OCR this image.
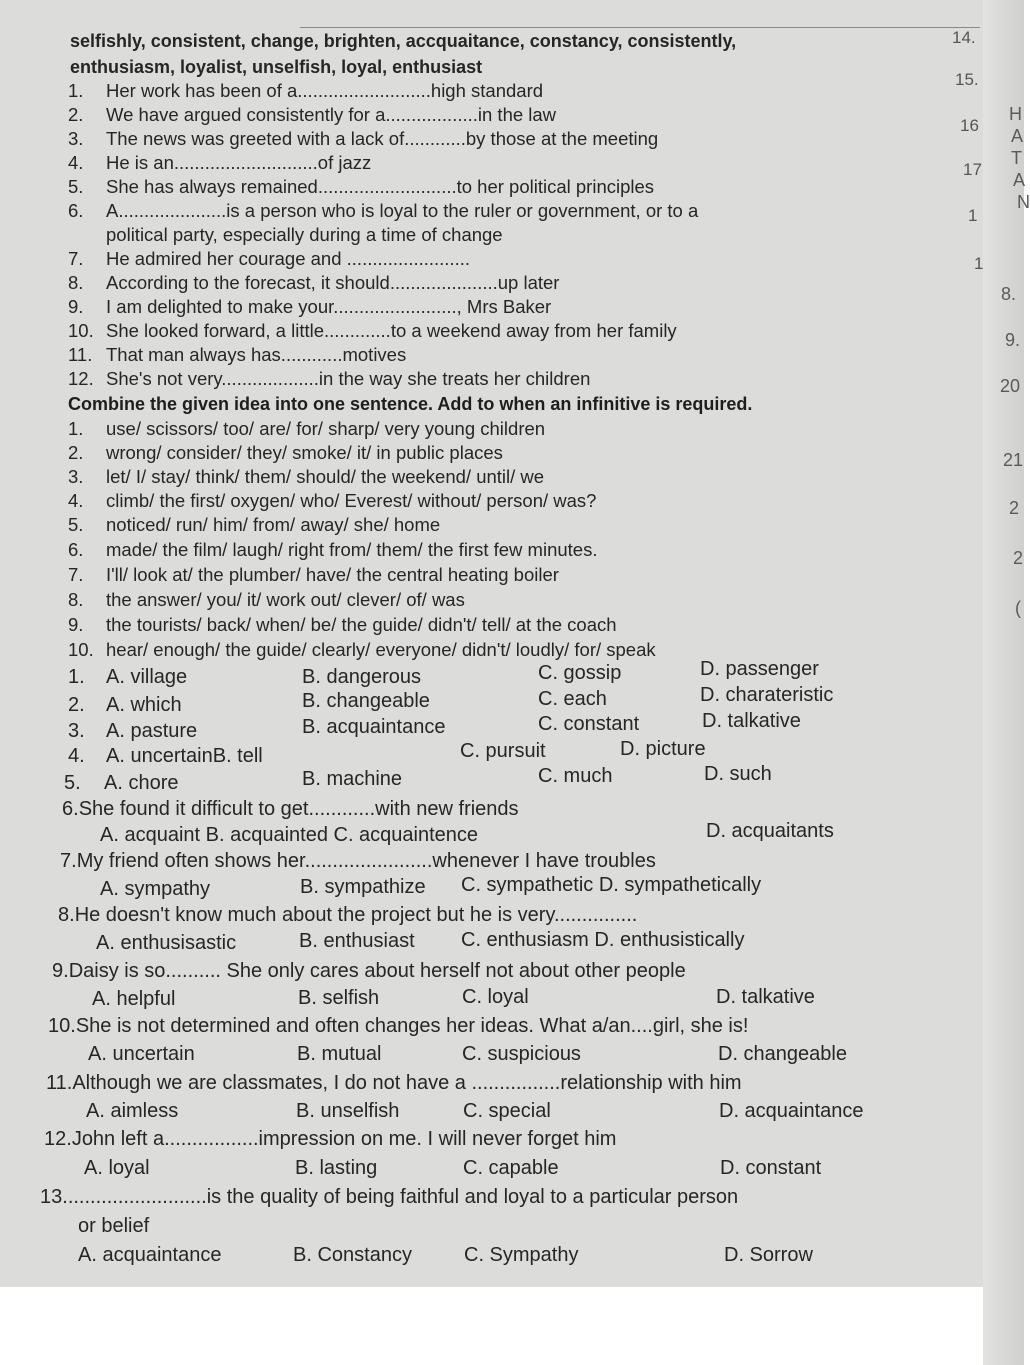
selfishly, consistent, change, brighten, accquaitance, constancy, consistently,
enthusiasm, loyalist, unselfish, loyal, enthusiast
1. Her work has been of a..........................high standard
2. We have argued consistently for a..................in the law
3. The news was greeted with a lack of............by those at the meeting
4. He is an............................of jazz
5. She has always remained...........................to her political principles
6. A.....................is a person who is loyal to the ruler or government, or to a
political party, especially during a time of change
7. He admired her courage and ........................
8. According to the forecast, it should.....................up later
9. I am delighted to make your........................, Mrs Baker
10. She looked forward, a little.............to a weekend away from her family
11. That man always has............motives
12. She's not very...................in the way she treats her children
Combine the given idea into one sentence. Add to when an infinitive is required.
1. use/ scissors/ too/ are/ for/ sharp/ very young children
2. wrong/ consider/ they/ smoke/ it/ in public places
3. let/ I/ stay/ think/ them/ should/ the weekend/ until/ we
4. climb/ the first/ oxygen/ who/ Everest/ without/ person/ was?
5. noticed/ run/ him/ from/ away/ she/ home
6. made/ the film/ laugh/ right from/ them/ the first few minutes.
7. I'll/ look at/ the plumber/ have/ the central heating boiler
8. the answer/ you/ it/ work out/ clever/ of/ was
9. the tourists/ back/ when/ be/ the guide/ didn't/ tell/ at the coach
10. hear/ enough/ the guide/ clearly/ everyone/ didn't/ loudly/ for/ speak
1. A. village	B. dangerous	C. gossip	D. passenger
2. A. which	B. changeable	C. each	D. charateristic
3. A. pasture	B. acquaintance	C. constant	D. talkative
4. A. uncertainB. tell	C. pursuit	D. picture
5. A. chore	B. machine	C. much	D. such
6.She found it difficult to get............with new friends
A. acquaint B. acquainted C. acquaintence	D. acquaitants
7.My friend often shows her.......................whenever I have troubles
A. sympathy	B. sympathize C. sympathetic D. sympathetically
8.He doesn't know much about the project but he is very...............
A. enthusisastic	B. enthusiast C. enthusiasm D. enthusistically
9.Daisy is so.......... She only cares about herself not about other people
A. helpful	B. selfish	C. loyal	D. talkative
10.She is not determined and often changes her ideas. What a/an....girl, she is!
A. uncertain	B. mutual	C. suspicious	D. changeable
11.Although we are classmates, I do not have a ................relationship with him
A. aimless	B. unselfish	C. special	D. acquaintance
12.John left a.................impression on me. I will never forget him
A. loyal	B. lasting	C. capable	D. constant
13..........................is the quality of being faithful and loyal to a particular person
or belief
A. acquaintance	B. Constancy	C. Sympathy	D. Sorrow
14.
15.
16
17
1
1
H
A
T
A
N
8.
9.
20
21
2
2
(
